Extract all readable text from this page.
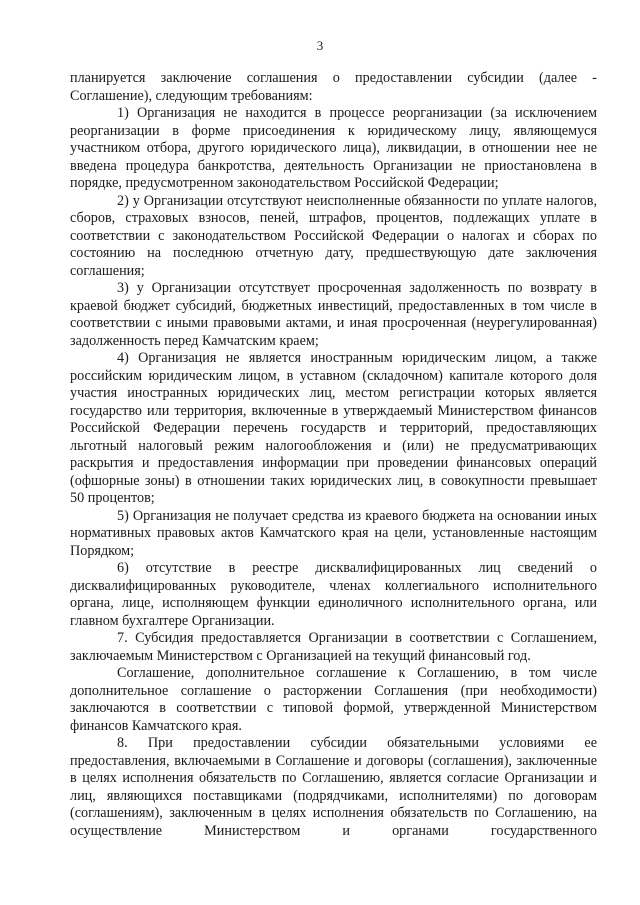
3

планируется заключение соглашения о предоставлении субсидии (далее - Соглашение), следующим требованиям:

1) Организация не находится в процессе реорганизации (за исключением реорганизации в форме присоединения к юридическому лицу, являющемуся участником отбора, другого юридического лица), ликвидации, в отношении нее не введена процедура банкротства, деятельность Организации не приостановлена в порядке, предусмотренном законодательством Российской Федерации;

2) у Организации отсутствуют неисполненные обязанности по уплате налогов, сборов, страховых взносов, пеней, штрафов, процентов, подлежащих уплате в соответствии с законодательством Российской Федерации о налогах и сборах по состоянию на последнюю отчетную дату, предшествующую дате заключения соглашения;

3) у Организации отсутствует просроченная задолженность по возврату в краевой бюджет субсидий, бюджетных инвестиций, предоставленных в том числе в соответствии с иными правовыми актами, и иная просроченная (неурегулированная) задолженность перед Камчатским краем;

4) Организация не является иностранным юридическим лицом, а также российским юридическим лицом, в уставном (складочном) капитале которого доля участия иностранных юридических лиц, местом регистрации которых является государство или территория, включенные в утверждаемый Министерством финансов Российской Федерации перечень государств и территорий, предоставляющих льготный налоговый режим налогообложения и (или) не предусматривающих раскрытия и предоставления информации при проведении финансовых операций (офшорные зоны) в отношении таких юридических лиц, в совокупности превышает 50 процентов;

5) Организация не получает средства из краевого бюджета на основании иных нормативных правовых актов Камчатского края на цели, установленные настоящим Порядком;

6) отсутствие в реестре дисквалифицированных лиц сведений о дисквалифицированных руководителе, членах коллегиального исполнительного органа, лице, исполняющем функции единоличного исполнительного органа, или главном бухгалтере Организации.

7. Субсидия предоставляется Организации в соответствии с Соглашением, заключаемым Министерством с Организацией на текущий финансовый год.

Соглашение, дополнительное соглашение к Соглашению, в том числе дополнительное соглашение о расторжении Соглашения (при необходимости) заключаются в соответствии с типовой формой, утвержденной Министерством финансов Камчатского края.

8. При предоставлении субсидии обязательными условиями ее предоставления, включаемыми в Соглашение и договоры (соглашения), заключенные в целях исполнения обязательств по Соглашению, является согласие Организации и лиц, являющихся поставщиками (подрядчиками, исполнителями) по договорам (соглашениям), заключенным в целях исполнения обязательств по Соглашению, на осуществление Министерством и органами государственного
